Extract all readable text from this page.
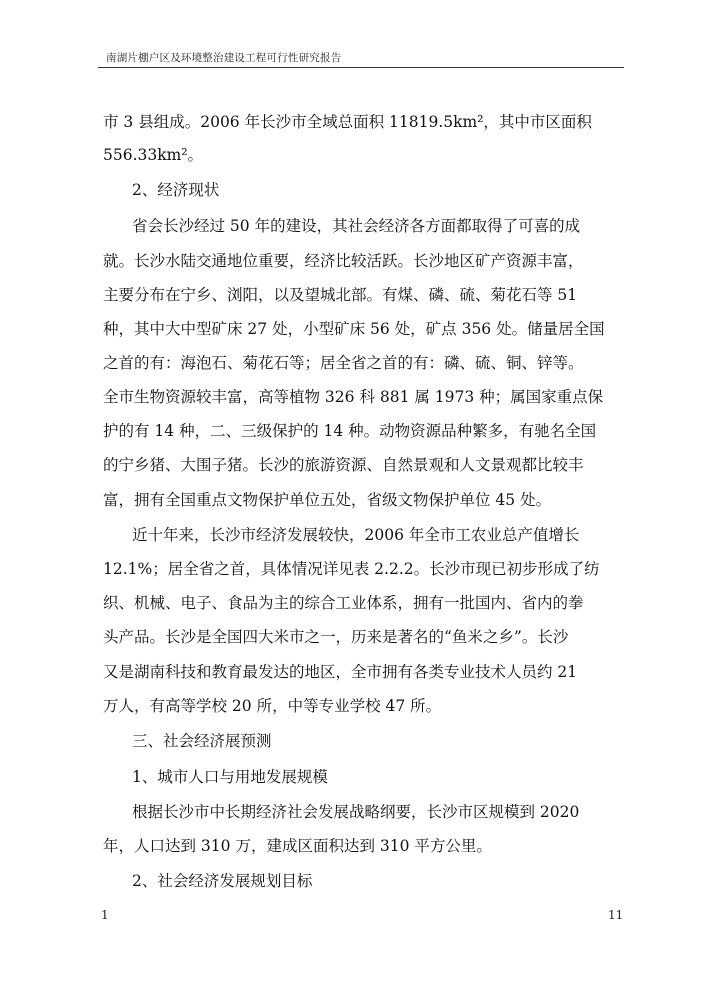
南湖片棚户区及环境整治建设工程可行性研究报告
市 3 县组成。2006 年长沙市全域总面积 11819.5km²，其中市区面积
556.33km²。
2、经济现状
省会长沙经过 50 年的建设，其社会经济各方面都取得了可喜的成
就。长沙水陆交通地位重要，经济比较活跃。长沙地区矿产资源丰富，
主要分布在宁乡、浏阳，以及望城北部。有煤、磷、硫、菊花石等 51
种，其中大中型矿床 27 处，小型矿床 56 处，矿点 356 处。储量居全国
之首的有：海泡石、菊花石等；居全省之首的有：磷、硫、铜、锌等。
全市生物资源较丰富，高等植物 326 科 881 属 1973 种；属国家重点保
护的有 14 种，二、三级保护的 14 种。动物资源品种繁多，有驰名全国
的宁乡猪、大围子猪。长沙的旅游资源、自然景观和人文景观都比较丰
富，拥有全国重点文物保护单位五处，省级文物保护单位 45 处。
近十年来，长沙市经济发展较快，2006 年全市工农业总产值增长
12.1%；居全省之首，具体情况详见表 2.2.2。长沙市现已初步形成了纺
织、机械、电子、食品为主的综合工业体系，拥有一批国内、省内的拳
头产品。长沙是全国四大米市之一，历来是著名的“鱼米之乡”。长沙
又是湖南科技和教育最发达的地区，全市拥有各类专业技术人员约 21
万人，有高等学校 20 所，中等专业学校 47 所。
三、社会经济展预测
1、城市人口与用地发展规模
根据长沙市中长期经济社会发展战略纲要，长沙市区规模到 2020
年，人口达到 310 万，建成区面积达到 310 平方公里。
2、社会经济发展规划目标
1	11
